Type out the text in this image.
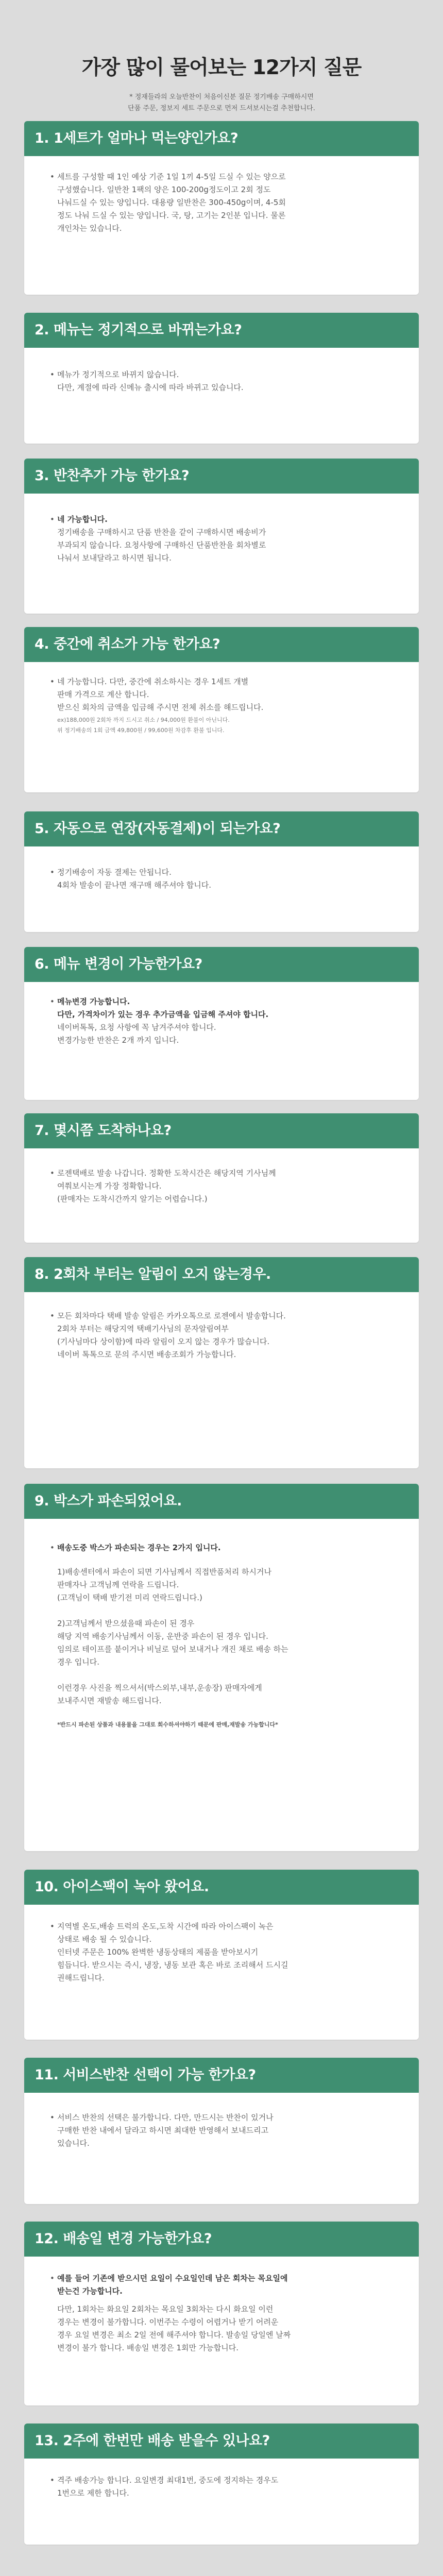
가장 많이 물어보는 12가지 질문

* 정재들라의 오늘반찬이 처음이신분 질문 정기배송 구매하시면

단품 주문, 정보지 세트 주문으로 먼저 드셔보시는걸 추천합니다.

1. 1세트가 얼마나 먹는양인가요?
• 세트를 구성할 때 1인 예상 기준 1일 1끼 4-5일 드실 수 있는 양으로
구성했습니다. 일반찬 1팩의 양은 100-200g정도이고 2회 정도
나눠드실 수 있는 양입니다. 대용량 일반찬은 300-450g이며, 4-5회
정도 나눠 드실 수 있는 양입니다. 국, 탕, 고기는 2인분 입니다. 물론
개인차는 있습니다.
2. 메뉴는 정기적으로 바뀌는가요?
• 메뉴가 정기적으로 바뀌지 않습니다.
다만, 계절에 따라 신메뉴 출시에 따라 바뀌고 있습니다.
3. 반찬추가 가능 한가요?
• 네 가능합니다.
정기배송을 구매하시고 단품 반찬을 같이 구매하시면 배송비가
부과되지 않습니다. 요청사항에 구매하신 단품반찬을 회차별로
나눠서 보내달라고 하시면 됩니다.
4. 중간에 취소가 가능 한가요?
• 네 가능합니다. 다만, 중간에 취소하시는 경우 1세트 개별
판매 가격으로 계산 합니다.
받으신 회차의 금액을 입금해 주시면 전체 취소를 해드립니다.
ex)188,000원 2회차 까지 드시고 취소 / 94,000원 환불이 아닌니다.
위 정기배송의 1회 금액 49,800원 / 99,600원 차감후 환불 입니다.
5. 자동으로 연장(자동결제)이 되는가요?
• 정기배송이 자동 결제는 안됩니다.
4회차 발송이 끝나면 재구매 해주셔야 합니다.
6. 메뉴 변경이 가능한가요?
• 메뉴변경 가능합니다.
다만, 가격차이가 있는 경우 추가금액을 입금해 주셔야 합니다.
네이버톡톡, 요청 사항에 꼭 남겨주셔야 합니다.
변경가능한 반찬은 2개 까지 입니다.
7. 몇시쯤 도착하나요?
• 로젠택배로 발송 나갑니다. 정확한 도착시간은 해당지역 기사님께
여쭤보시는게 가장 정확합니다.
(판매자는 도착시간까지 알기는 어렵습니다.)
8. 2회차 부터는 알림이 오지 않는경우.
• 모든 회차마다 택배 발송 알림은 카카오톡으로 로젠에서 발송합니다.
2회차 부터는 해당지역 택배기사님의 문자알림여부
(기사님마다 상이함)에 따라 알림이 오지 않는 경우가 많습니다.
네이버 톡톡으로 문의 주시면 배송조회가 가능합니다.
9. 박스가 파손되었어요.
• 배송도중 박스가 파손되는 경우는 2가지 입니다.
1)배송센터에서 파손이 되면 기사님께서 직접반품처리 하시거나
판매자나 고객님께 연락을 드립니다.
(고객님이 택배 받기전 미리 연락드립니다.)

2)고객님께서 받으셨을때 파손이 된 경우
해당 지역 배송기사님께서 이동, 운반중 파손이 된 경우 입니다.
임의로 테이프를 붙이거나 비닐로 덮어 보내거나 개진 채로 배송 하는
경우 입니다.

이런경우 사진을 찍으셔서(박스외부,내부,운송장) 판매자에게
보내주시면 재발송 해드립니다.
*반드시 파손된 상품과 내용물을 그대로 회수하셔야하기 때문에 판매,재발송 가능합니다*
10. 아이스팩이 녹아 왔어요.
• 지역별 온도,배송 트럭의 온도,도착 시간에 따라 아이스팩이 녹은
상태로 배송 될 수 있습니다.
인터넷 주문은 100% 완벽한 냉동상태의 제품을 받아보시기
힘듭니다. 받으시는 즉시, 냉장, 냉동 보관 혹은 바로 조리해서 드시길
권해드립니다.
11. 서비스반찬 선택이 가능 한가요?
• 서비스 반찬의 선택은 불가합니다. 다만, 만드시는 반찬이 있거나
구매한 반찬 내에서 달라고 하시면 최대한 반영해서 보내드리고
있습니다.
12. 배송일 변경 가능한가요?
• 예를 들어 기존에 받으시던 요일이 수요일인데 남은 회차는 목요일에
받는건 가능합니다.
다만, 1회차는 화요일 2회차는 목요일 3회차는 다시 화요일 이런
경우는 변경이 불가합니다. 이번주는 수령이 어렵거나 받기 어려운
경우 요일 변경은 최소 2일 전에 해주셔야 합니다. 발송일 당일엔 날짜
변경이 불가 합니다. 배송일 변경은 1회만 가능합니다.
13. 2주에 한번만 배송 받을수 있나요?
• 격주 배송가능 합니다. 요일변경 최대1번, 중도에 정지하는 경우도
1번으로 제한 합니다.
